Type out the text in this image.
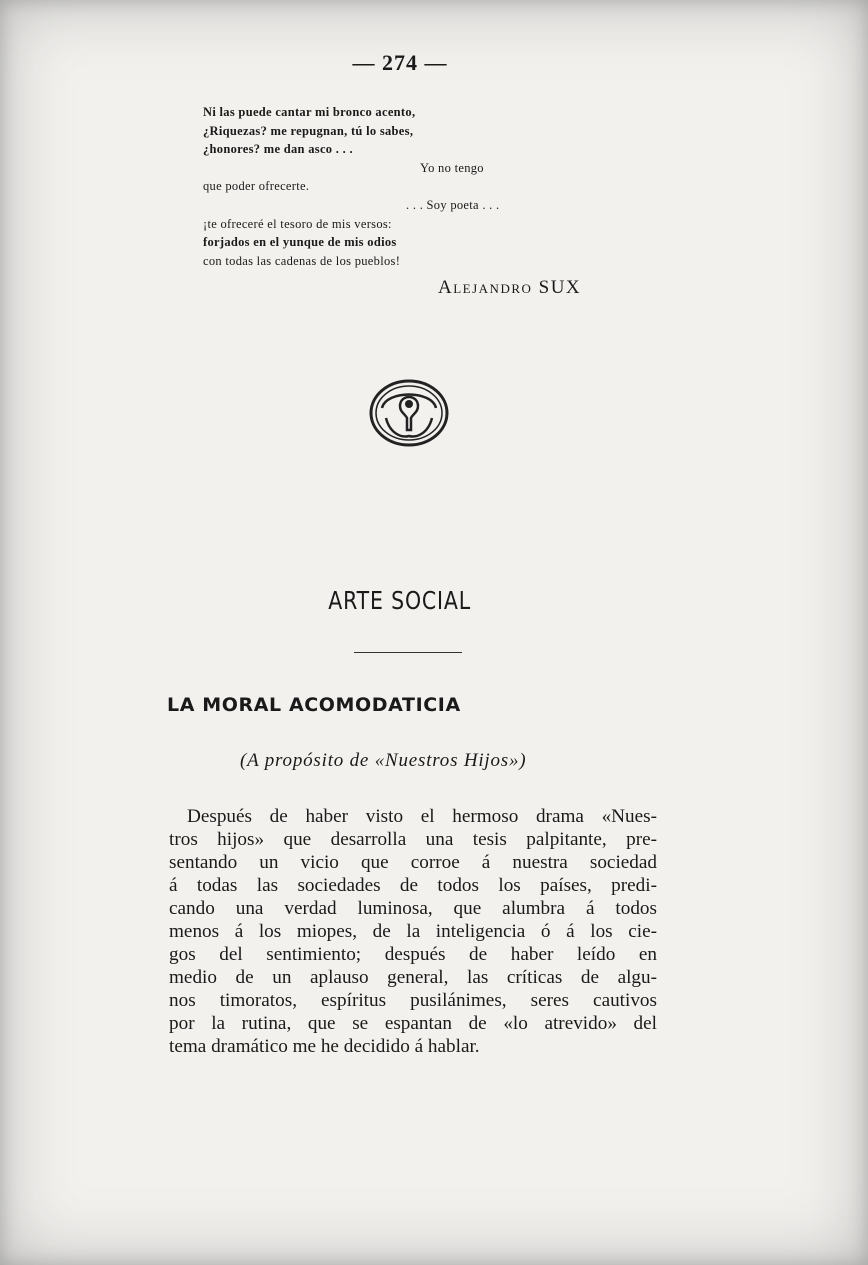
— 274 —
Ni las puede cantar mi bronco acento,
¿Riquezas? me repugnan, tú lo sabes,
¿honores? me dan asco . . .
Yo no tengo
que poder ofrecerte.
. . . Soy poeta . . .
¡te ofreceré el tesoro de mis versos:
forjados en el yunque de mis odios
con todas las cadenas de los pueblos!
Alejandro SUX
ARTE SOCIAL
LA MORAL ACOMODATICIA
(A propósito de «Nuestros Hijos»)
Después de haber visto el hermoso drama «Nues-
tros hijos» que desarrolla una tesis palpitante, pre-
sentando un vicio que corroe á nuestra sociedad
á todas las sociedades de todos los países, predi-
cando una verdad luminosa, que alumbra á todos
menos á los miopes, de la inteligencia ó á los cie-
gos del sentimiento; después de haber leído en
medio de un aplauso general, las críticas de algu-
nos timoratos, espíritus pusilánimes, seres cautivos
por la rutina, que se espantan de «lo atrevido» del
tema dramático me he decidido á hablar.
